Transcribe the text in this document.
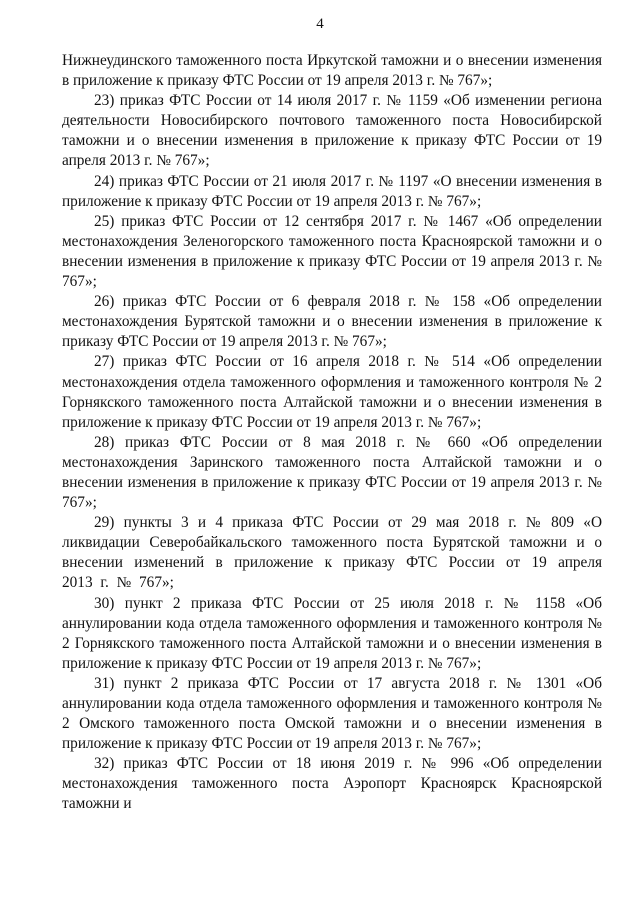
4

Нижнеудинского таможенного поста Иркутской таможни и о внесении изменения в приложение к приказу ФТС России от 19 апреля 2013 г. № 767»;

23) приказ ФТС России от 14 июля 2017 г. № 1159 «Об изменении региона деятельности Новосибирского почтового таможенного поста Новосибирской таможни и о внесении изменения в приложение к приказу ФТС России от 19 апреля 2013 г. № 767»;

24) приказ ФТС России от 21 июля 2017 г. № 1197 «О внесении изменения в приложение к приказу ФТС России от 19 апреля 2013 г. № 767»;

25) приказ ФТС России от 12 сентября 2017 г. № 1467 «Об определении местонахождения Зеленогорского таможенного поста Красноярской таможни и о внесении изменения в приложение к приказу ФТС России от 19 апреля 2013 г. № 767»;

26) приказ ФТС России от 6 февраля 2018 г. № 158 «Об определении местонахождения Бурятской таможни и о внесении изменения в приложение к приказу ФТС России от 19 апреля 2013 г. № 767»;

27) приказ ФТС России от 16 апреля 2018 г. № 514 «Об определении местонахождения отдела таможенного оформления и таможенного контроля № 2 Горнякского таможенного поста Алтайской таможни и о внесении изменения в приложение к приказу ФТС России от 19 апреля 2013 г. № 767»;

28) приказ ФТС России от 8 мая 2018 г. № 660 «Об определении местонахождения Заринского таможенного поста Алтайской таможни и о внесении изменения в приложение к приказу ФТС России от 19 апреля 2013 г. № 767»;

29) пункты 3 и 4 приказа ФТС России от 29 мая 2018 г. № 809 «О ликвидации Северобайкальского таможенного поста Бурятской таможни и о внесении изменений в приложение к приказу ФТС России от 19 апреля 2013 г. № 767»;

30) пункт 2 приказа ФТС России от 25 июля 2018 г. № 1158 «Об аннулировании кода отдела таможенного оформления и таможенного контроля № 2 Горнякского таможенного поста Алтайской таможни и о внесении изменения в приложение к приказу ФТС России от 19 апреля 2013 г. № 767»;

31) пункт 2 приказа ФТС России от 17 августа 2018 г. № 1301 «Об аннулировании кода отдела таможенного оформления и таможенного контроля № 2 Омского таможенного поста Омской таможни и о внесении изменения в приложение к приказу ФТС России от 19 апреля 2013 г. № 767»;

32) приказ ФТС России от 18 июня 2019 г. № 996 «Об определении местонахождения таможенного поста Аэропорт Красноярск Красноярской таможни и
